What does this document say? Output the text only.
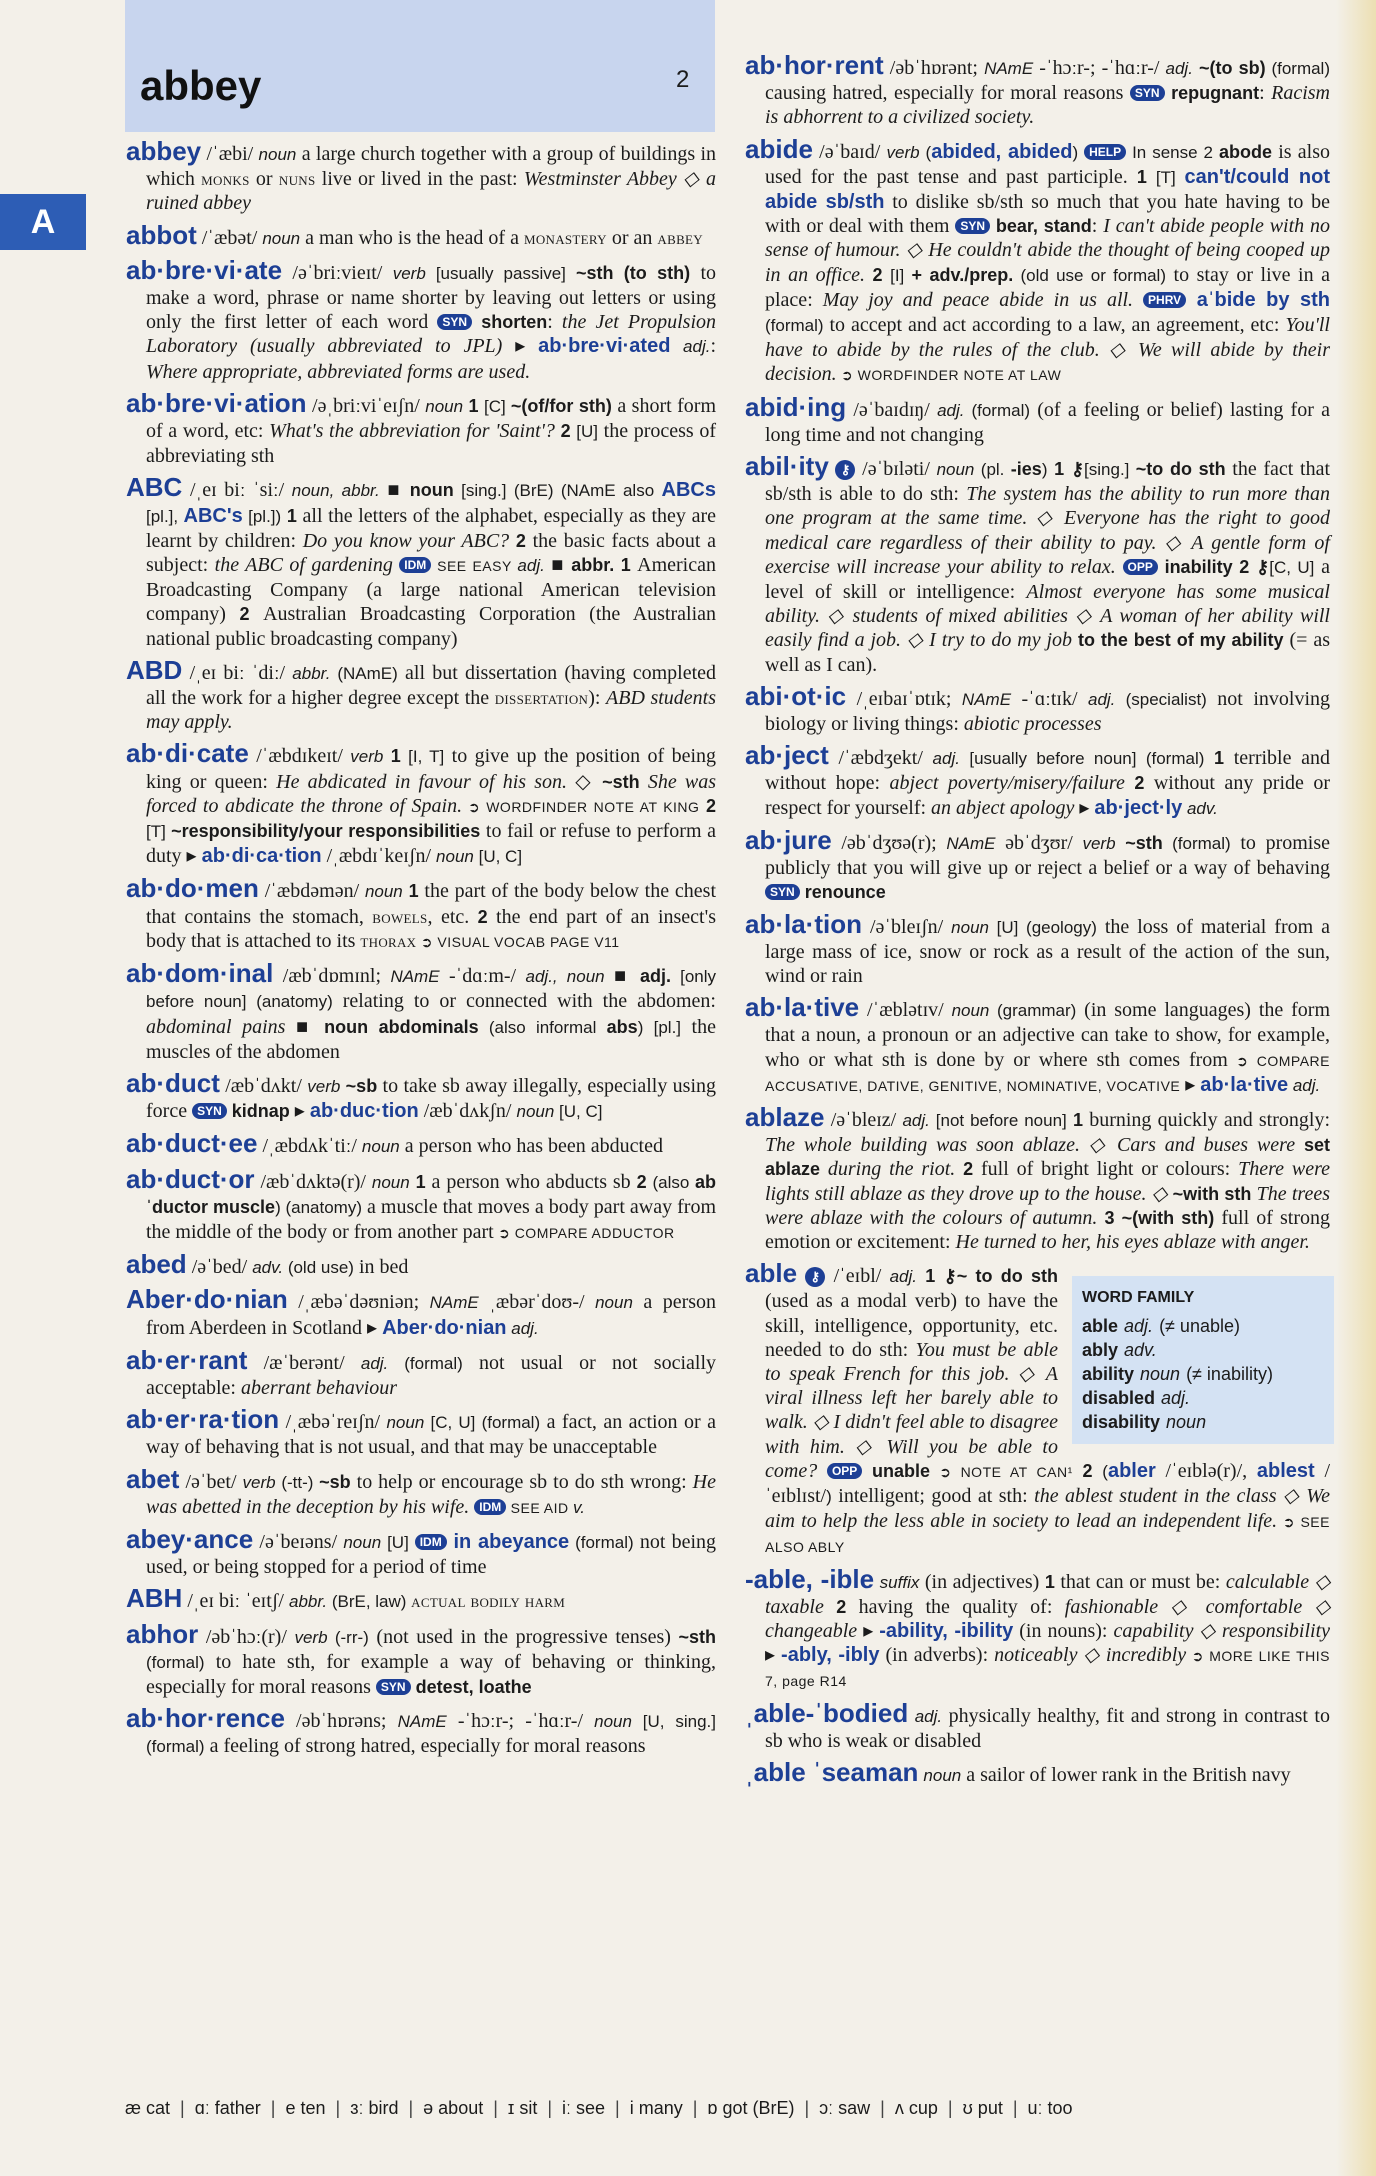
abbey	2
A
abbey /ˈæbi/ noun a large church together with a group of buildings in which monks or nuns live or lived in the past: Westminster Abbey ◇ a ruined abbey
abbot /ˈæbət/ noun a man who is the head of a monastery or an abbey
ab·bre·vi·ate /əˈbriːvieɪt/ verb [usually passive] ~sth (to sth) to make a word, phrase or name shorter by leaving out letters or using only the first letter of each word SYN shorten: the Jet Propulsion Laboratory (usually abbreviated to JPL) ▸ ab·bre·vi·ated adj.: Where appropriate, abbreviated forms are used.
ab·bre·vi·ation /əˌbriːviˈeɪʃn/ noun 1 [C] ~(of/for sth) a short form of a word, etc: What's the abbreviation for 'Saint'? 2 [U] the process of abbreviating sth
ABC /ˌeɪ biː ˈsiː/ noun, abbr. ■ noun [sing.] (BrE) (NAmE also ABCs [pl.], ABC's [pl.]) 1 all the letters of the alphabet, especially as they are learnt by children: Do you know your ABC? 2 the basic facts about a subject: the ABC of gardening IDM SEE EASY adj. ■ abbr. 1 American Broadcasting Company (a large national American television company) 2 Australian Broadcasting Corporation (the Australian national public broadcasting company)
ABD /ˌeɪ biː ˈdiː/ abbr. (NAmE) all but dissertation (having completed all the work for a higher degree except the dissertation): ABD students may apply.
ab·di·cate /ˈæbdɪkeɪt/ verb 1 [I, T] to give up the position of being king or queen: He abdicated in favour of his son. ◇ ~sth She was forced to abdicate the throne of Spain. ➲ WORDFINDER NOTE AT KING 2 [T] ~responsibility/your responsibilities to fail or refuse to perform a duty ▸ ab·di·ca·tion /ˌæbdɪˈkeɪʃn/ noun [U, C]
ab·do·men /ˈæbdəmən/ noun 1 the part of the body below the chest that contains the stomach, bowels, etc. 2 the end part of an insect's body that is attached to its thorax ➲ VISUAL VOCAB PAGE V11
ab·dom·inal /æbˈdɒmɪnl; NAmE -ˈdɑːm-/ adj., noun ■ adj. [only before noun] (anatomy) relating to or connected with the abdomen: abdominal pains ■ noun abdominals (also informal abs) [pl.] the muscles of the abdomen
ab·duct /æbˈdʌkt/ verb ~sb to take sb away illegally, especially using force SYN kidnap ▸ ab·duc·tion /æbˈdʌkʃn/ noun [U, C]
ab·duct·ee /ˌæbdʌkˈtiː/ noun a person who has been abducted
ab·duct·or /æbˈdʌktə(r)/ noun 1 a person who abducts sb 2 (also abˈductor muscle) (anatomy) a muscle that moves a body part away from the middle of the body or from another part ➲ COMPARE ADDUCTOR
abed /əˈbed/ adv. (old use) in bed
Aber·do·nian /ˌæbəˈdəʊniən; NAmE ˌæbərˈdoʊ-/ noun a person from Aberdeen in Scotland ▸ Aber·do·nian adj.
ab·er·rant /æˈberənt/ adj. (formal) not usual or not socially acceptable: aberrant behaviour
ab·er·ra·tion /ˌæbəˈreɪʃn/ noun [C, U] (formal) a fact, an action or a way of behaving that is not usual, and that may be unacceptable
abet /əˈbet/ verb (-tt-) ~sb to help or encourage sb to do sth wrong: He was abetted in the deception by his wife. IDM SEE AID v.
abey·ance /əˈbeɪəns/ noun [U] IDM in abeyance (formal) not being used, or being stopped for a period of time
ABH /ˌeɪ biː ˈeɪtʃ/ abbr. (BrE, law) actual bodily harm
abhor /əbˈhɔː(r)/ verb (-rr-) (not used in the progressive tenses) ~sth (formal) to hate sth, for example a way of behaving or thinking, especially for moral reasons SYN detest, loathe
ab·hor·rence /əbˈhɒrəns; NAmE -ˈhɔːr-; -ˈhɑːr-/ noun [U, sing.] (formal) a feeling of strong hatred, especially for moral reasons
ab·hor·rent /əbˈhɒrənt; NAmE -ˈhɔːr-; -ˈhɑːr-/ adj. ~(to sb) (formal) causing hatred, especially for moral reasons SYN repugnant: Racism is abhorrent to a civilized society.
abide /əˈbaɪd/ verb (abided, abided) HELP In sense 2 abode is also used for the past tense and past participle. 1 [T] can't/could not abide sb/sth to dislike sb/sth so much that you hate having to be with or deal with them SYN bear, stand: I can't abide people with no sense of humour. ◇ He couldn't abide the thought of being cooped up in an office. 2 [I] + adv./prep. (old use or formal) to stay or live in a place: May joy and peace abide in us all. PHRV aˈbide by sth (formal) to accept and act according to a law, an agreement, etc: You'll have to abide by the rules of the club. ◇ We will abide by their decision. ➲ WORDFINDER NOTE AT LAW
abid·ing /əˈbaɪdɪŋ/ adj. (formal) (of a feeling or belief) lasting for a long time and not changing
abil·ity ⚷ /əˈbɪləti/ noun (pl. -ies) 1 ⚷[sing.] ~to do sth the fact that sb/sth is able to do sth: The system has the ability to run more than one program at the same time. ◇ Everyone has the right to good medical care regardless of their ability to pay. ◇ A gentle form of exercise will increase your ability to relax. OPP inability 2 ⚷[C, U] a level of skill or intelligence: Almost everyone has some musical ability. ◇ students of mixed abilities ◇ A woman of her ability will easily find a job. ◇ I try to do my job to the best of my ability (= as well as I can).
abi·ot·ic /ˌeɪbaɪˈɒtɪk; NAmE -ˈɑːtɪk/ adj. (specialist) not involving biology or living things: abiotic processes
ab·ject /ˈæbdʒekt/ adj. [usually before noun] (formal) 1 terrible and without hope: abject poverty/misery/failure 2 without any pride or respect for yourself: an abject apology ▸ ab·ject·ly adv.
ab·jure /əbˈdʒʊə(r); NAmE əbˈdʒʊr/ verb ~sth (formal) to promise publicly that you will give up or reject a belief or a way of behaving SYN renounce
ab·la·tion /əˈbleɪʃn/ noun [U] (geology) the loss of material from a large mass of ice, snow or rock as a result of the action of the sun, wind or rain
ab·la·tive /ˈæblətɪv/ noun (grammar) (in some languages) the form that a noun, a pronoun or an adjective can take to show, for example, who or what sth is done by or where sth comes from ➲ COMPARE ACCUSATIVE, DATIVE, GENITIVE, NOMINATIVE, VOCATIVE ▸ ab·la·tive adj.
ablaze /əˈbleɪz/ adj. [not before noun] 1 burning quickly and strongly: The whole building was soon ablaze. ◇ Cars and buses were set ablaze during the riot. 2 full of bright light or colours: There were lights still ablaze as they drove up to the house. ◇ ~with sth The trees were ablaze with the colours of autumn. 3 ~(with sth) full of strong emotion or excitement: He turned to her, his eyes ablaze with anger.
WORD FAMILY
able adj. (≠ unable)
ably adv.
ability noun (≠ inability)
disabled adj.
disability noun
able ⚷ /ˈeɪbl/ adj. 1 ⚷~ to do sth (used as a modal verb) to have the skill, intelligence, opportunity, etc. needed to do sth: You must be able to speak French for this job. ◇ A viral illness left her barely able to walk. ◇ I didn't feel able to disagree with him. ◇ Will you be able to come? OPP unable ➲ NOTE AT CAN¹ 2 (abler /ˈeɪblə(r)/, ablest /ˈeɪblɪst/) intelligent; good at sth: the ablest student in the class ◇ We aim to help the less able in society to lead an independent life. ➲ SEE ALSO ABLY
-able, -ible suffix (in adjectives) 1 that can or must be: calculable ◇ taxable 2 having the quality of: fashionable ◇ comfortable ◇ changeable ▸ -ability, -ibility (in nouns): capability ◇ responsibility ▸ -ably, -ibly (in adverbs): noticeably ◇ incredibly ➲ MORE LIKE THIS 7, page R14
ˌable-ˈbodied adj. physically healthy, fit and strong in contrast to sb who is weak or disabled
ˌable ˈseaman noun a sailor of lower rank in the British navy
æ cat | ɑː father | e ten | ɜː bird | ə about | ɪ sit | iː see | i many | ɒ got (BrE) | ɔː saw | ʌ cup | ʊ put | uː too
